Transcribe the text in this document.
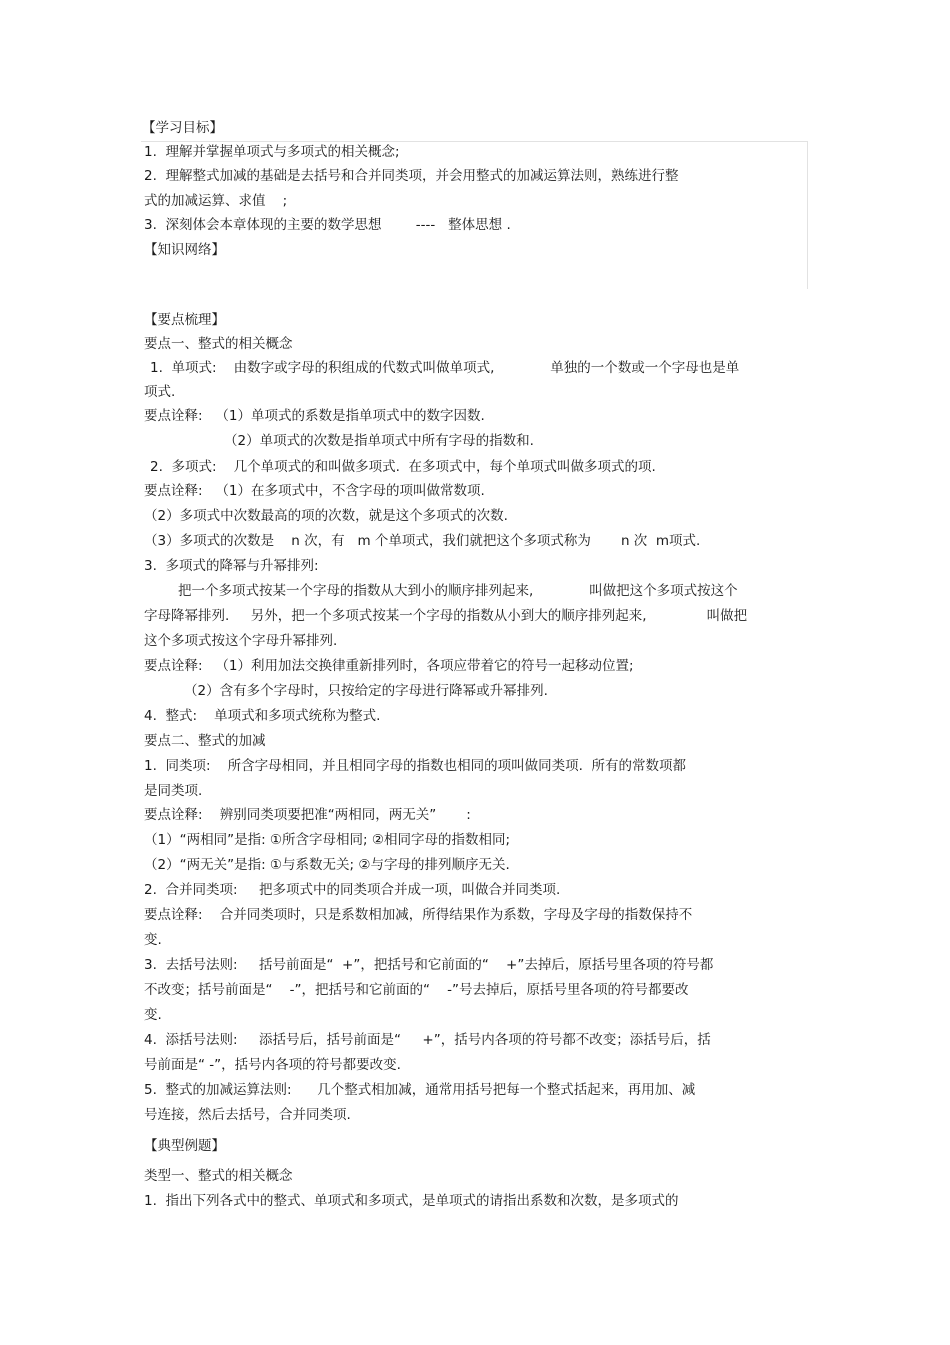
【学习目标】
1.  理解并掌握单项式与多项式的相关概念;
2.  理解整式加减的基础是去括号和合并同类项，并会用整式的加减运算法则，熟练进行整
式的加减运算、求值    ;
3.  深刻体会本章体现的主要的数学思想        ----   整体思想 .
【知识网络】
【要点梳理】
要点一、整式的相关概念
1.  单项式:    由数字或字母的积组成的代数式叫做单项式,             单独的一个数或一个字母也是单
项式.
要点诠释:   （1）单项式的系数是指单项式中的数字因数.
（2）单项式的次数是指单项式中所有字母的指数和.
2.  多项式:    几个单项式的和叫做多项式.  在多项式中，每个单项式叫做多项式的项.
要点诠释:   （1）在多项式中，不含字母的项叫做常数项.
（2）多项式中次数最高的项的次数，就是这个多项式的次数.
（3）多项式的次数是    n 次，有   m 个单项式，我们就把这个多项式称为       n 次  m项式.
3.  多项式的降幂与升幂排列:
把一个多项式按某一个字母的指数从大到小的顺序排列起来,             叫做把这个多项式按这个
字母降幂排列.     另外，把一个多项式按某一个字母的指数从小到大的顺序排列起来,              叫做把
这个多项式按这个字母升幂排列.
要点诠释:   （1）利用加法交换律重新排列时，各项应带着它的符号一起移动位置;
（2）含有多个字母时，只按给定的字母进行降幂或升幂排列.
4.  整式:    单项式和多项式统称为整式.
要点二、整式的加减
1.  同类项:    所含字母相同，并且相同字母的指数也相同的项叫做同类项.  所有的常数项都
是同类项.
要点诠释:    辨别同类项要把准“两相同，两无关”       :
（1）“两相同”是指: ①所含字母相同; ②相同字母的指数相同;
（2）“两无关”是指: ①与系数无关; ②与字母的排列顺序无关.
2.  合并同类项:     把多项式中的同类项合并成一项，叫做合并同类项.
要点诠释:    合并同类项时，只是系数相加减，所得结果作为系数，字母及字母的指数保持不
变.
3.  去括号法则:     括号前面是“  +”，把括号和它前面的“    +”去掉后，原括号里各项的符号都
不改变；括号前面是“    -”，把括号和它前面的“    -”号去掉后，原括号里各项的符号都要改
变.
4.  添括号法则:     添括号后，括号前面是“     +”，括号内各项的符号都不改变；添括号后，括
号前面是“ -”，括号内各项的符号都要改变.
5.  整式的加减运算法则:      几个整式相加减，通常用括号把每一个整式括起来，再用加、减
号连接，然后去括号，合并同类项.
【典型例题】
类型一、整式的相关概念
1.  指出下列各式中的整式、单项式和多项式，是单项式的请指出系数和次数，是多项式的
